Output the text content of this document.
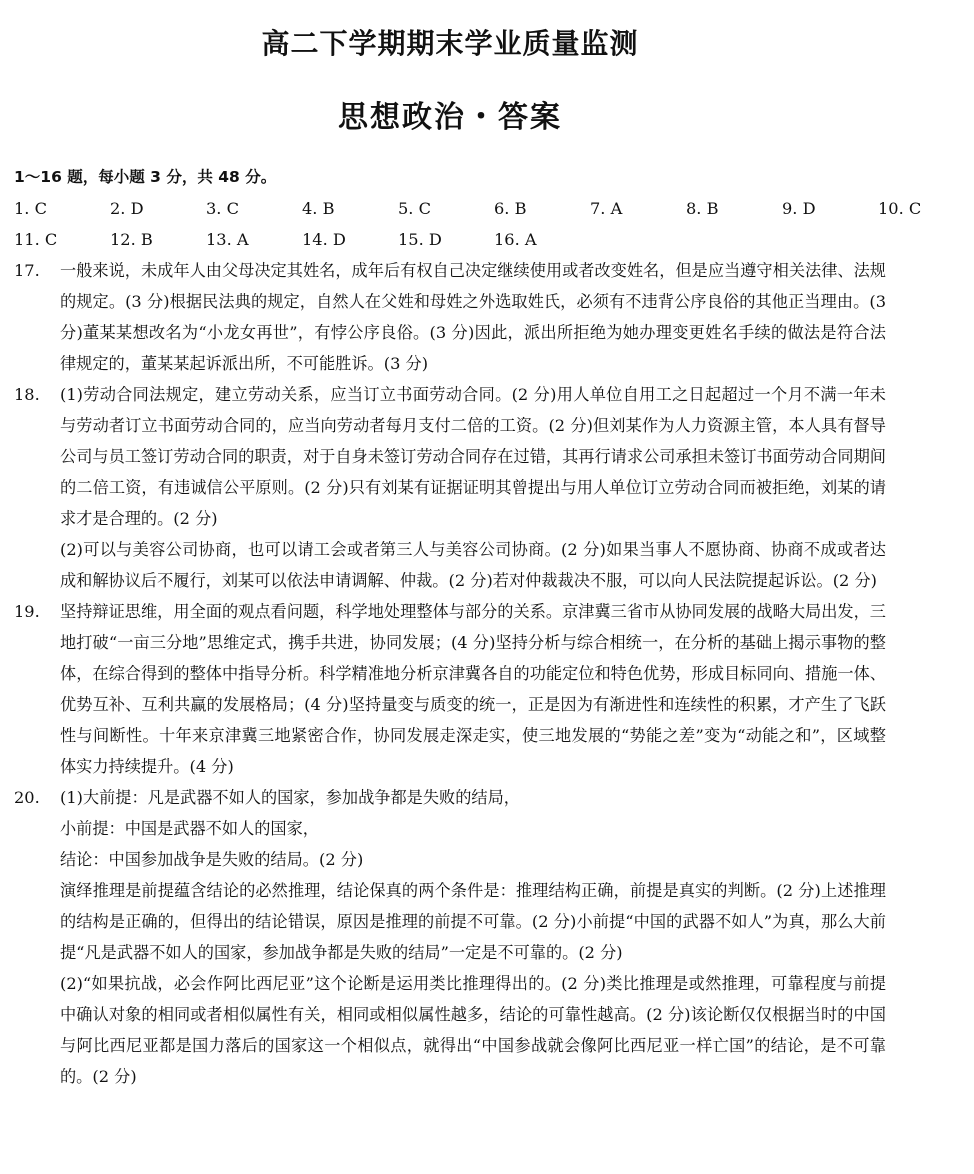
高二下学期期末学业质量监测
思想政治・答案
1～16 题，每小题 3 分，共 48 分。
1. C	2. D	3. C	4. B	5. C	6. B	7. A	8. B	9. D	10. C
11. C	12. B	13. A	14. D	15. D	16. A
17.	一般来说，未成年人由父母决定其姓名，成年后有权自己决定继续使用或者改变姓名，但是应当遵守相关法律、法规的规定。(3 分)根据民法典的规定，自然人在父姓和母姓之外选取姓氏，必须有不违背公序良俗的其他正当理由。(3 分)董某某想改名为“小龙女再世”，有悖公序良俗。(3 分)因此，派出所拒绝为她办理变更姓名手续的做法是符合法律规定的，董某某起诉派出所，不可能胜诉。(3 分)

18.	(1)劳动合同法规定，建立劳动关系，应当订立书面劳动合同。(2 分)用人单位自用工之日起超过一个月不满一年未与劳动者订立书面劳动合同的，应当向劳动者每月支付二倍的工资。(2 分)但刘某作为人力资源主管，本人具有督导公司与员工签订劳动合同的职责，对于自身未签订劳动合同存在过错，其再行请求公司承担未签订书面劳动合同期间的二倍工资，有违诚信公平原则。(2 分)只有刘某有证据证明其曾提出与用人单位订立劳动合同而被拒绝，刘某的请求才是合理的。(2 分)

(2)可以与美容公司协商，也可以请工会或者第三人与美容公司协商。(2 分)如果当事人不愿协商、协商不成或者达成和解协议后不履行，刘某可以依法申请调解、仲裁。(2 分)若对仲裁裁决不服，可以向人民法院提起诉讼。(2 分)

19.	坚持辩证思维，用全面的观点看问题，科学地处理整体与部分的关系。京津冀三省市从协同发展的战略大局出发，三地打破“一亩三分地”思维定式，携手共进，协同发展；(4 分)坚持分析与综合相统一，在分析的基础上揭示事物的整体，在综合得到的整体中指导分析。科学精准地分析京津冀各自的功能定位和特色优势，形成目标同向、措施一体、优势互补、互利共赢的发展格局；(4 分)坚持量变与质变的统一，正是因为有渐进性和连续性的积累，才产生了飞跃性与间断性。十年来京津冀三地紧密合作，协同发展走深走实，使三地发展的“势能之差”变为“动能之和”，区域整体实力持续提升。(4 分)

20.	(1)大前提：凡是武器不如人的国家，参加战争都是失败的结局，

小前提：中国是武器不如人的国家，

结论：中国参加战争是失败的结局。(2 分)

演绎推理是前提蕴含结论的必然推理，结论保真的两个条件是：推理结构正确，前提是真实的判断。(2 分)上述推理的结构是正确的，但得出的结论错误，原因是推理的前提不可靠。(2 分)小前提“中国的武器不如人”为真，那么大前提“凡是武器不如人的国家，参加战争都是失败的结局”一定是不可靠的。(2 分)

(2)“如果抗战，必会作阿比西尼亚”这个论断是运用类比推理得出的。(2 分)类比推理是或然推理，可靠程度与前提中确认对象的相同或者相似属性有关，相同或相似属性越多，结论的可靠性越高。(2 分)该论断仅仅根据当时的中国与阿比西尼亚都是国力落后的国家这一个相似点，就得出“中国参战就会像阿比西尼亚一样亡国”的结论，是不可靠的。(2 分)
